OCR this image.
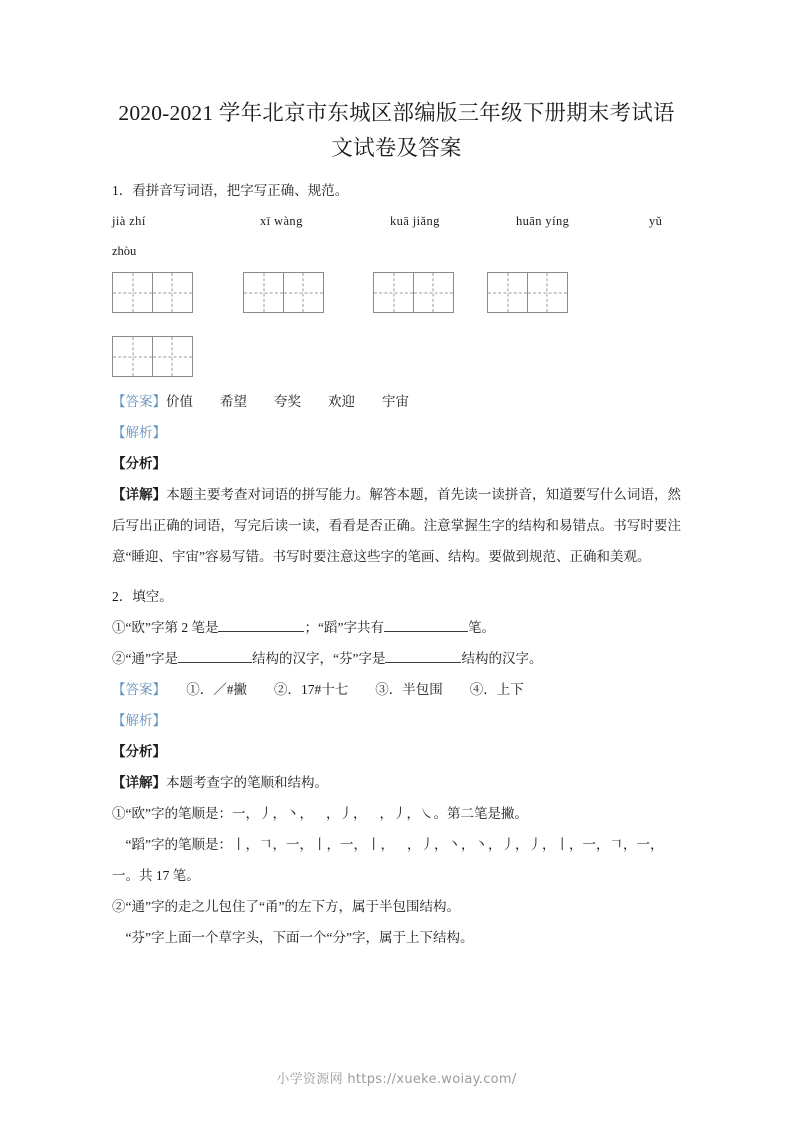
2020-2021 学年北京市东城区部编版三年级下册期末考试语
文试卷及答案

1．看拼音写词语，把字写正确、规范。

jià zhí	xī wàng	kuā jiǎng	huān yíng	yǔ
zhòu

【答案】价值　　希望　　夸奖　　欢迎　　宇宙

【解析】

【分析】

【详解】本题主要考查对词语的拼写能力。解答本题，首先读一读拼音，知道要写什么词语，然后写出正确的词语，写完后读一读，看看是否正确。注意掌握生字的结构和易错点。书写时要注意“睡迎、宇宙”容易写错。书写时要注意这些字的笔画、结构。要做到规范、正确和美观。

2．填空。

①“欧”字第 2 笔是	；“蹈”字共有	笔。

②“通”字是	结构的汉字，“芬”字是	结构的汉字。

【答案】　　①．／#撇　　②．17#十七　　③．半包围　　④．上下

【解析】

【分析】

【详解】本题考查字的笔顺和结构。

①“欧”字的笔顺是：一，丿，丶， ，丿， ，丿，㇏。第二笔是撇。

　“蹈”字的笔顺是：丨，𠃍，一，丨，一，丨， ，丿，丶，丶，丿，丿，丨，一，𠃍，一，

一。共 17 笔。

②“通”字的走之儿包住了“甬”的左下方，属于半包围结构。

　“芬”字上面一个草字头，下面一个“分”字，属于上下结构。

小学资源网 https://xueke.woiay.com/
